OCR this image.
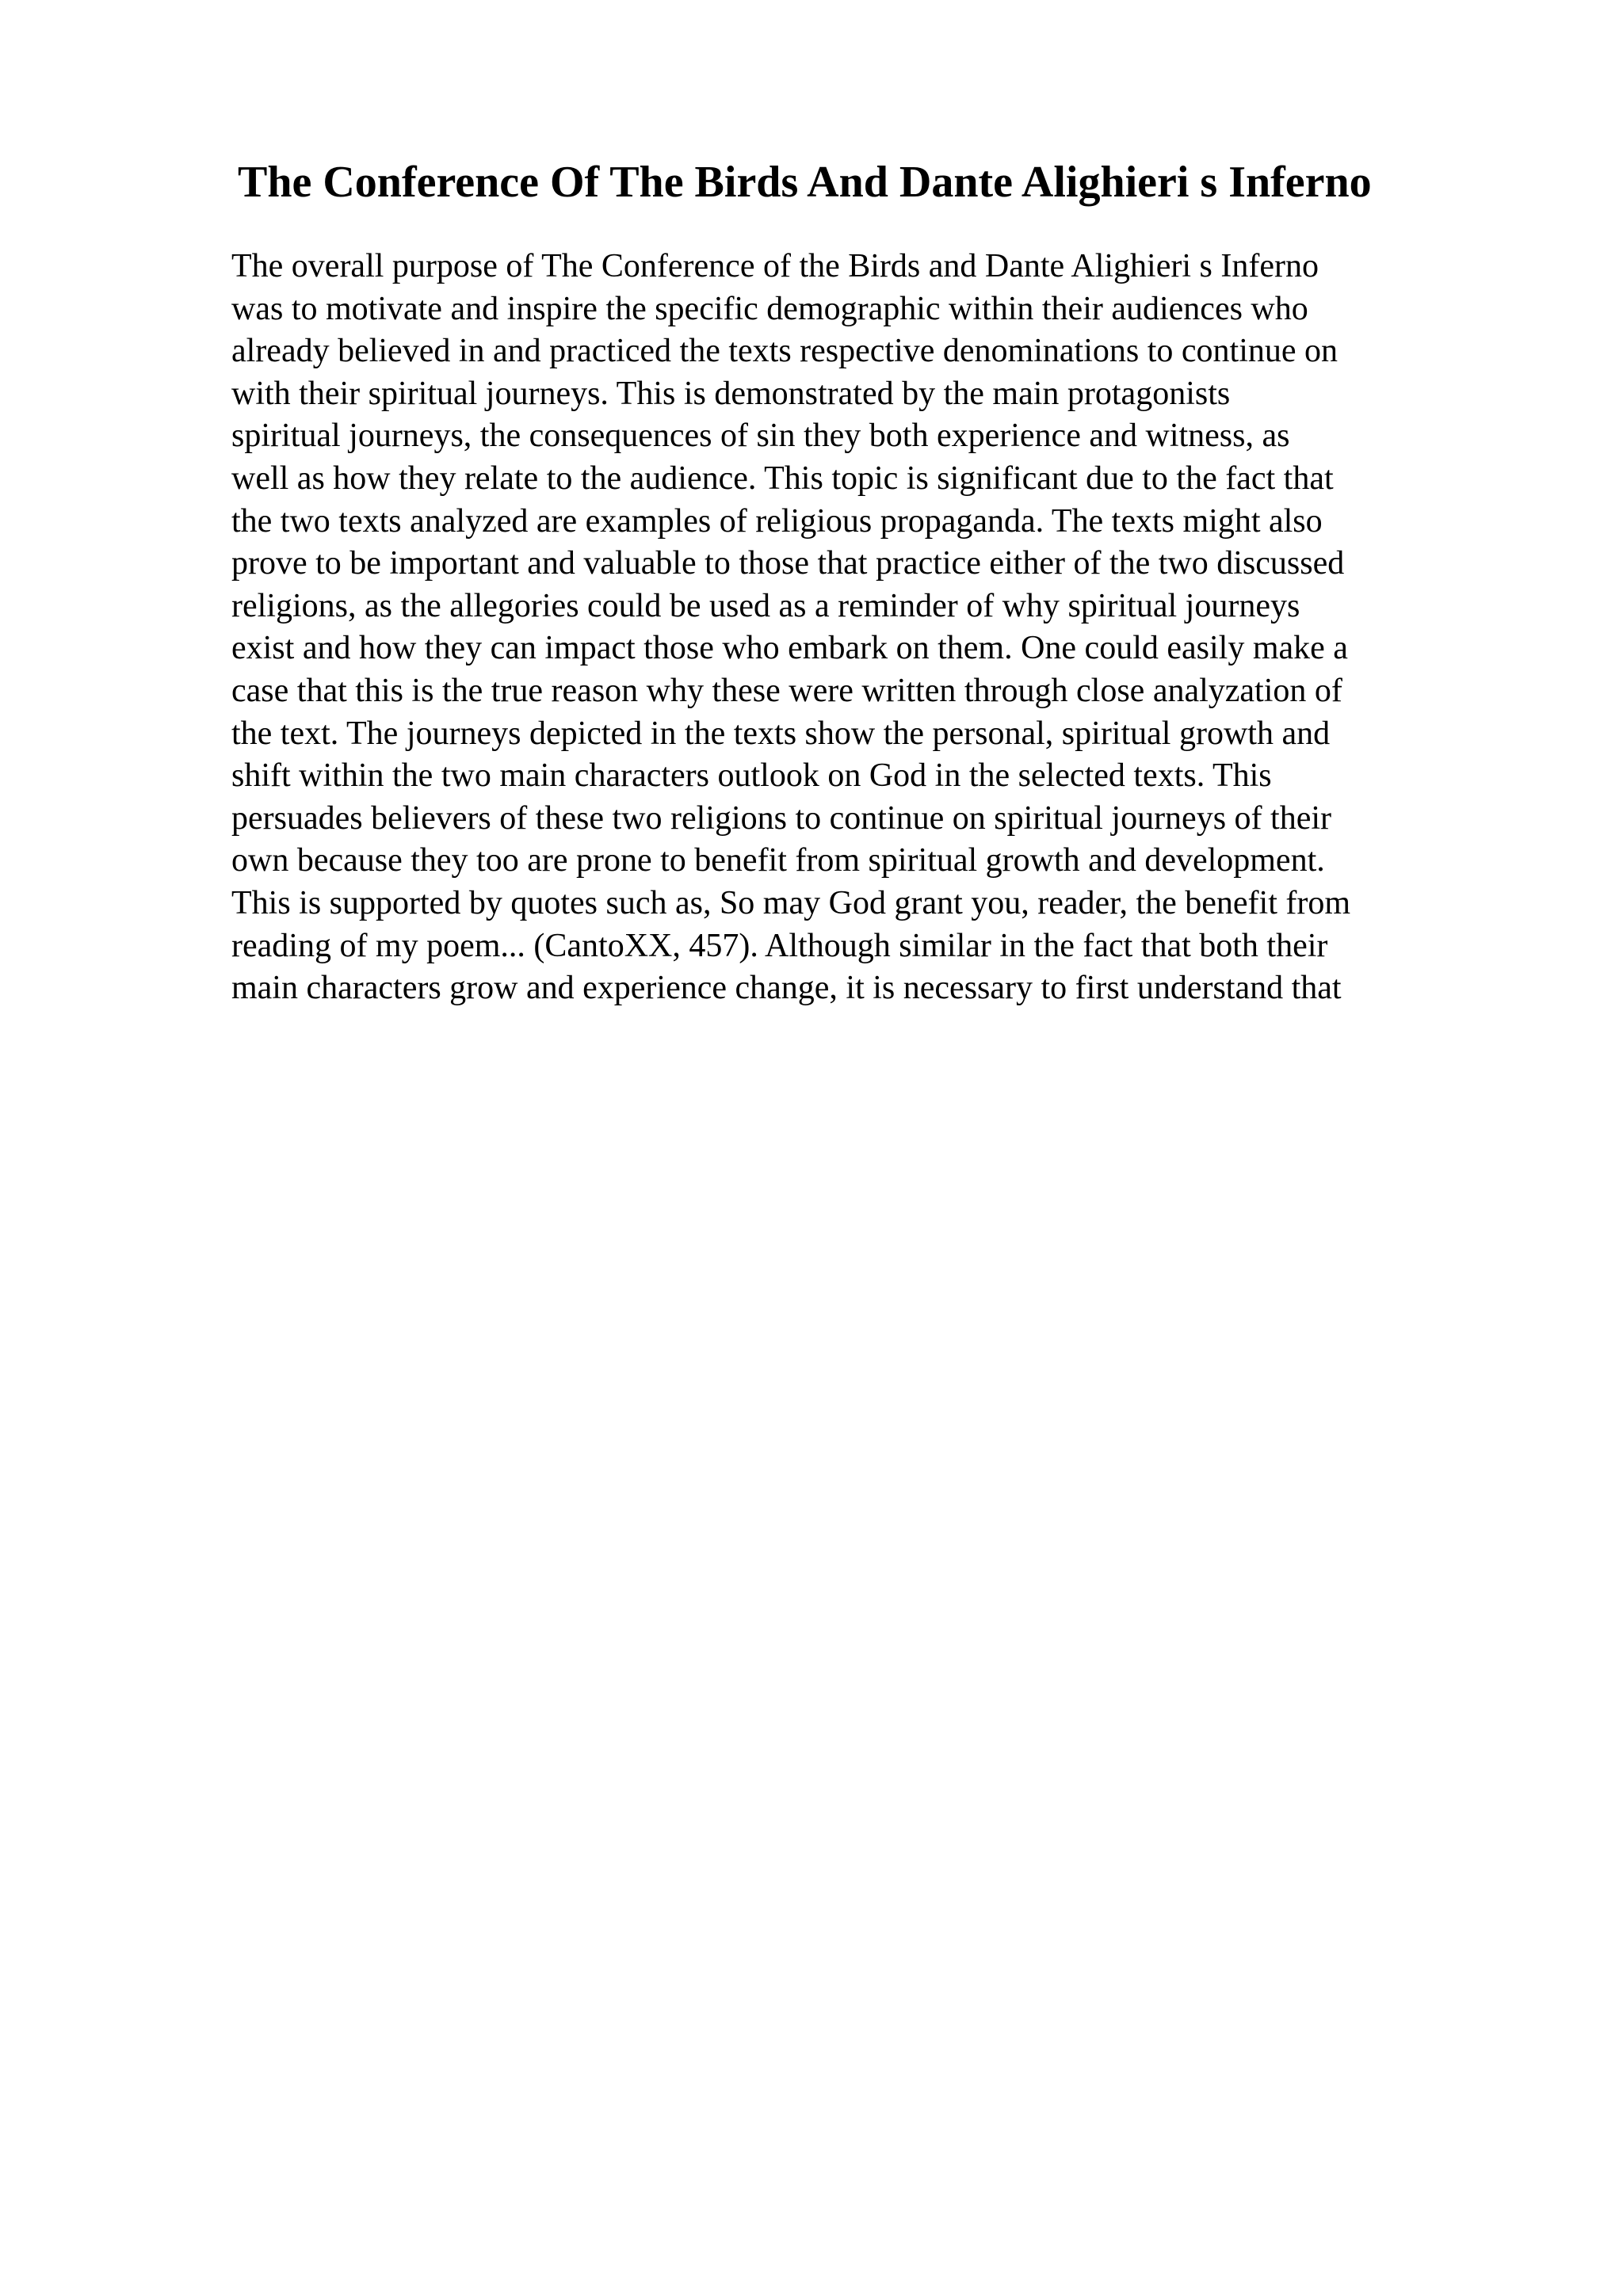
The Conference Of The Birds And Dante Alighieri s Inferno
The overall purpose of The Conference of the Birds and Dante Alighieri s Inferno
was to motivate and inspire the specific demographic within their audiences who
already believed in and practiced the texts respective denominations to continue on
with their spiritual journeys. This is demonstrated by the main protagonists
spiritual journeys, the consequences of sin they both experience and witness, as
well as how they relate to the audience. This topic is significant due to the fact that
the two texts analyzed are examples of religious propaganda. The texts might also
prove to be important and valuable to those that practice either of the two discussed
religions, as the allegories could be used as a reminder of why spiritual journeys
exist and how they can impact those who embark on them. One could easily make a
case that this is the true reason why these were written through close analyzation of
the text. The journeys depicted in the texts show the personal, spiritual growth and
shift within the two main characters outlook on God in the selected texts. This
persuades believers of these two religions to continue on spiritual journeys of their
own because they too are prone to benefit from spiritual growth and development.
This is supported by quotes such as, So may God grant you, reader, the benefit from
reading of my poem... (CantoXX, 457). Although similar in the fact that both their
main characters grow and experience change, it is necessary to first understand that
